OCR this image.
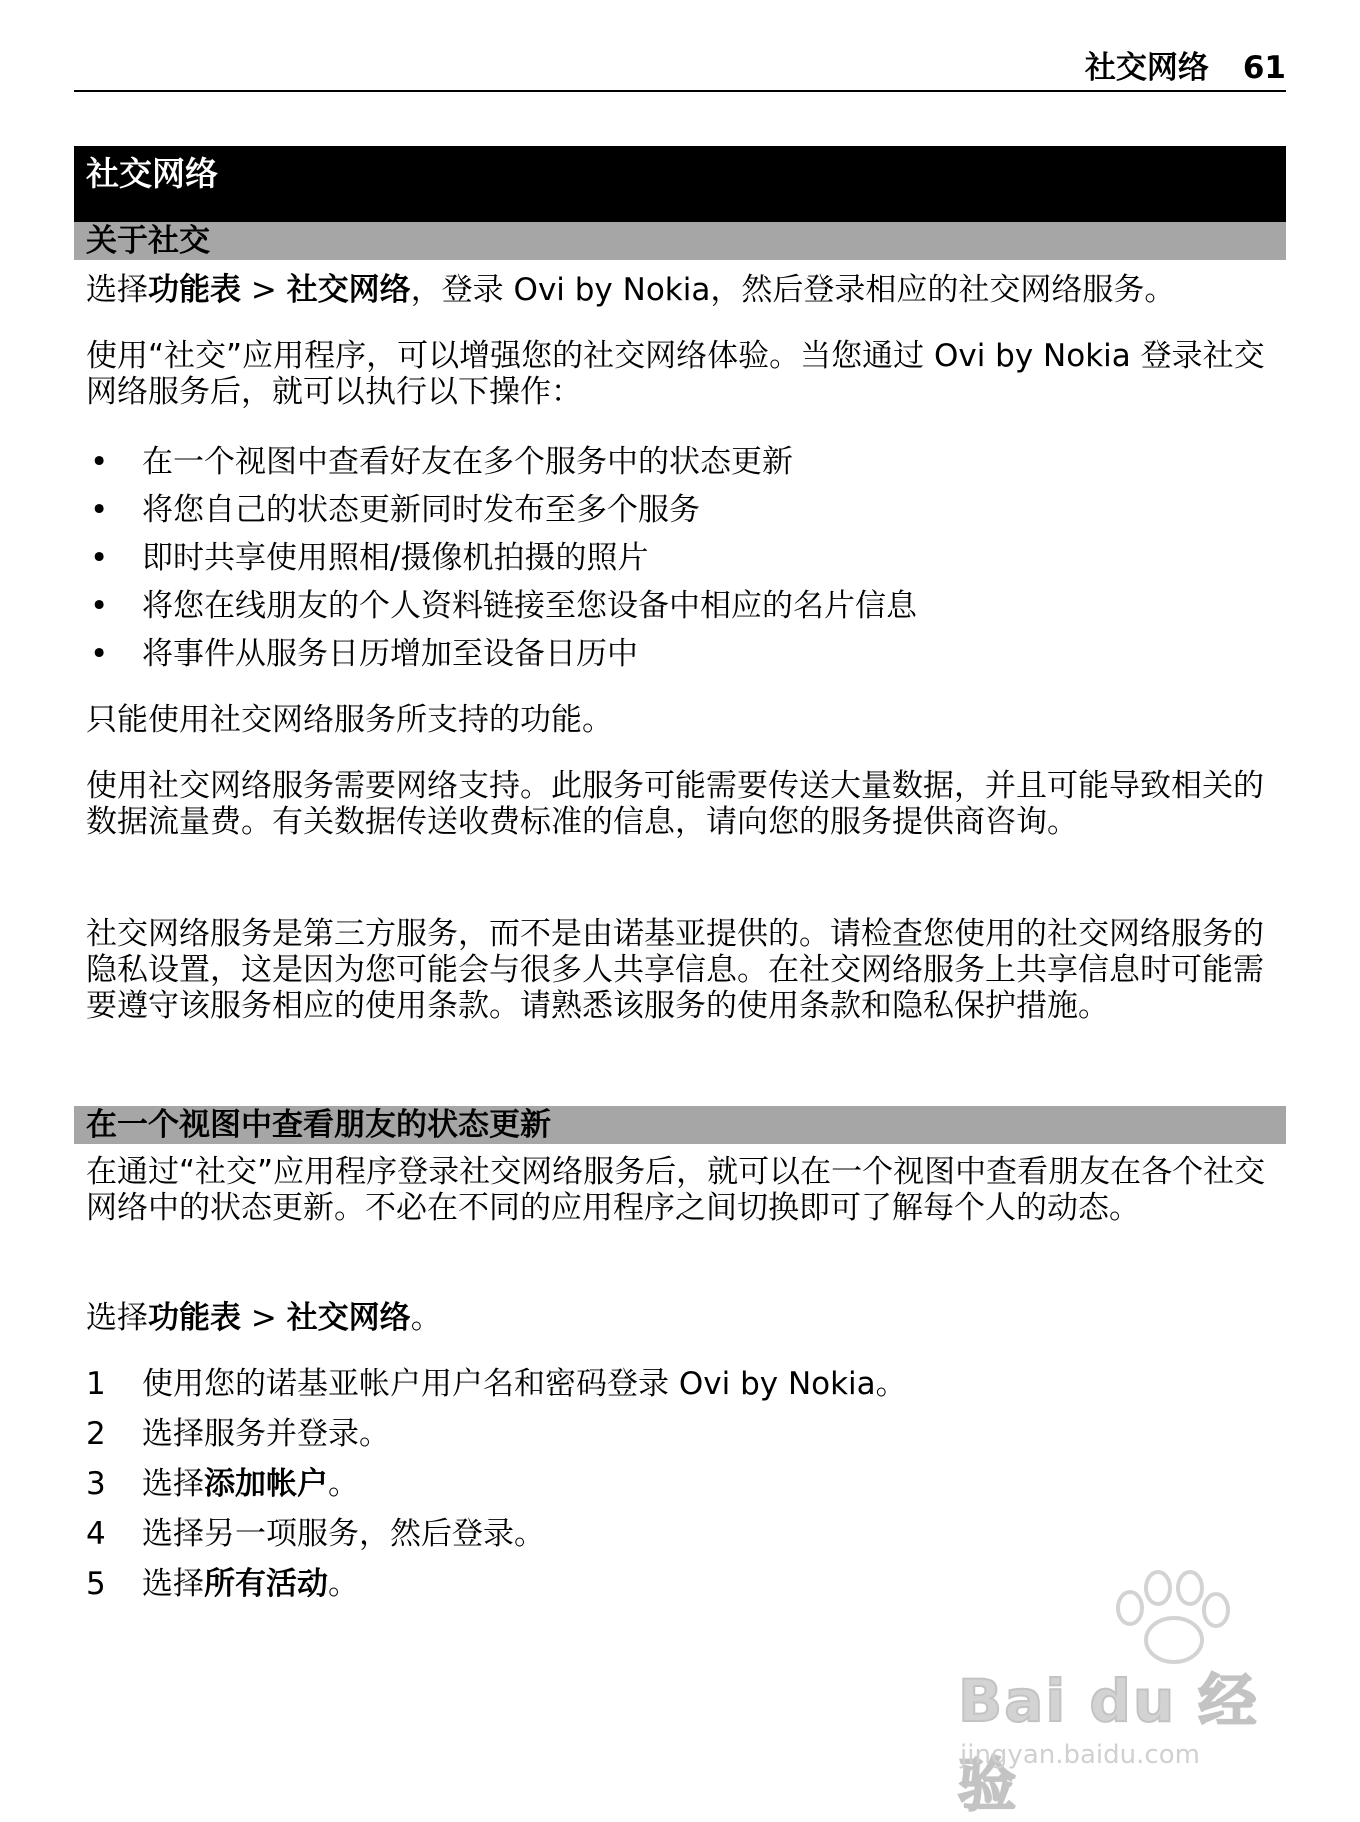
社交网络 61
社交网络
关于社交
选择功能表 > 社交网络，登录 Ovi by Nokia，然后登录相应的社交网络服务。
使用“社交”应用程序，可以增强您的社交网络体验。当您通过 Ovi by Nokia 登录社交网络服务后，就可以执行以下操作：
• 在一个视图中查看好友在多个服务中的状态更新
• 将您自己的状态更新同时发布至多个服务
• 即时共享使用照相/摄像机拍摄的照片
• 将您在线朋友的个人资料链接至您设备中相应的名片信息
• 将事件从服务日历增加至设备日历中
只能使用社交网络服务所支持的功能。
使用社交网络服务需要网络支持。此服务可能需要传送大量数据，并且可能导致相关的数据流量费。有关数据传送收费标准的信息，请向您的服务提供商咨询。
社交网络服务是第三方服务，而不是由诺基亚提供的。请检查您使用的社交网络服务的隐私设置，这是因为您可能会与很多人共享信息。在社交网络服务上共享信息时可能需要遵守该服务相应的使用条款。请熟悉该服务的使用条款和隐私保护措施。
在一个视图中查看朋友的状态更新
在通过“社交”应用程序登录社交网络服务后，就可以在一个视图中查看朋友在各个社交网络中的状态更新。不必在不同的应用程序之间切换即可了解每个人的动态。
选择功能表 > 社交网络。
1 使用您的诺基亚帐户用户名和密码登录 Ovi by Nokia。
2 选择服务并登录。
3 选择添加帐户。
4 选择另一项服务，然后登录。
5 选择所有活动。
Bai du 经验
jingyan.baidu.com
